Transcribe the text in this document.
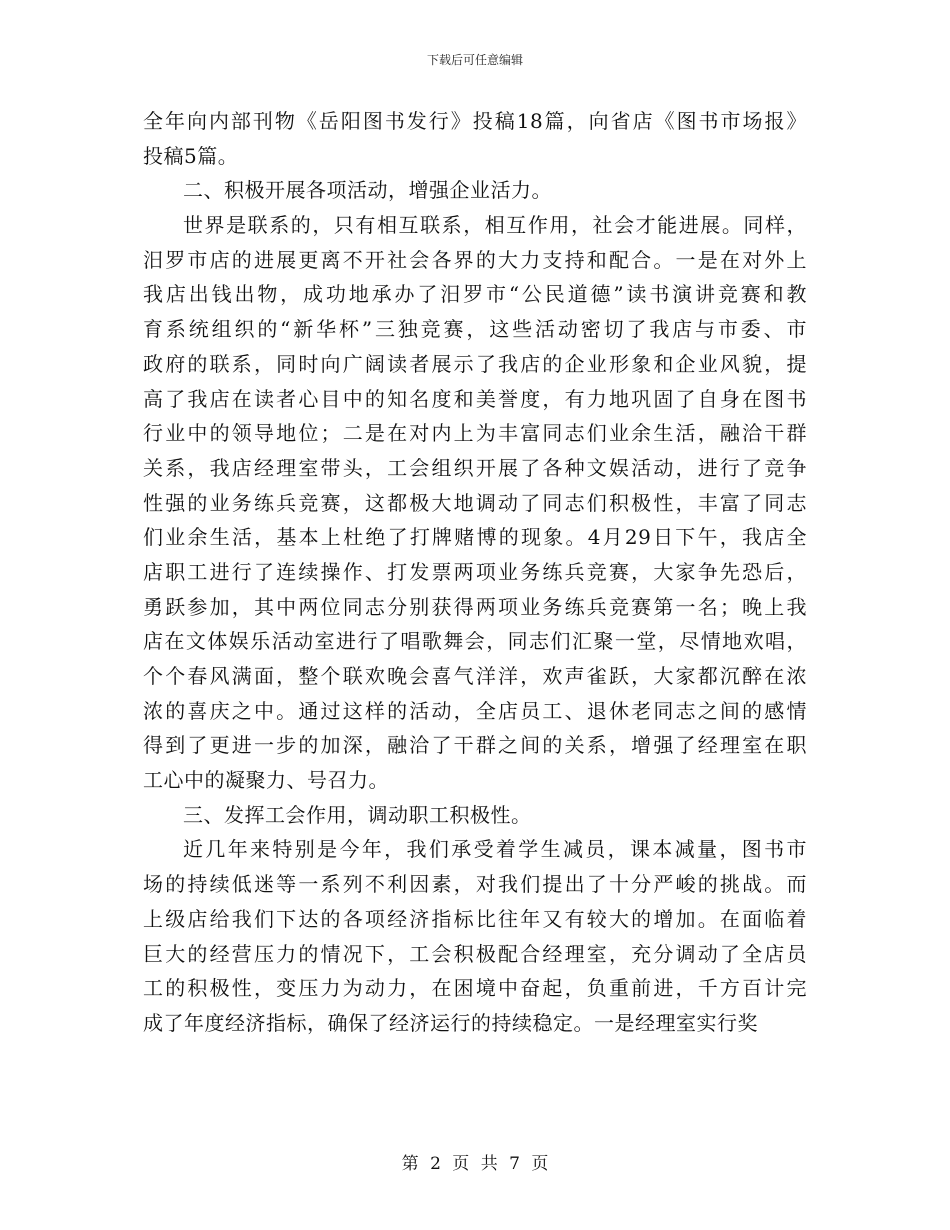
下载后可任意编辑
全年向内部刊物《岳阳图书发行》投稿18篇，向省店《图书市场报》
投稿5篇。
二、积极开展各项活动，增强企业活力。
世界是联系的，只有相互联系，相互作用，社会才能进展。同样，
汨罗市店的进展更离不开社会各界的大力支持和配合。一是在对外上
我店出钱出物，成功地承办了汨罗市“公民道德”读书演讲竞赛和教
育系统组织的“新华杯”三独竞赛，这些活动密切了我店与市委、市
政府的联系，同时向广阔读者展示了我店的企业形象和企业风貌，提
高了我店在读者心目中的知名度和美誉度，有力地巩固了自身在图书
行业中的领导地位；二是在对内上为丰富同志们业余生活，融洽干群
关系，我店经理室带头，工会组织开展了各种文娱活动，进行了竞争
性强的业务练兵竞赛，这都极大地调动了同志们积极性，丰富了同志
们业余生活，基本上杜绝了打牌赌博的现象。4月29日下午，我店全
店职工进行了连续操作、打发票两项业务练兵竞赛，大家争先恐后，
勇跃参加，其中两位同志分别获得两项业务练兵竞赛第一名；晚上我
店在文体娱乐活动室进行了唱歌舞会，同志们汇聚一堂，尽情地欢唱，
个个春风满面，整个联欢晚会喜气洋洋，欢声雀跃，大家都沉醉在浓
浓的喜庆之中。通过这样的活动，全店员工、退休老同志之间的感情
得到了更进一步的加深，融洽了干群之间的关系，增强了经理室在职
工心中的凝聚力、号召力。
三、发挥工会作用，调动职工积极性。
近几年来特别是今年，我们承受着学生减员，课本减量，图书市
场的持续低迷等一系列不利因素，对我们提出了十分严峻的挑战。而
上级店给我们下达的各项经济指标比往年又有较大的增加。在面临着
巨大的经营压力的情况下，工会积极配合经理室，充分调动了全店员
工的积极性，变压力为动力，在困境中奋起，负重前进，千方百计完
成了年度经济指标，确保了经济运行的持续稳定。一是经理室实行奖
第 2 页 共 7 页
